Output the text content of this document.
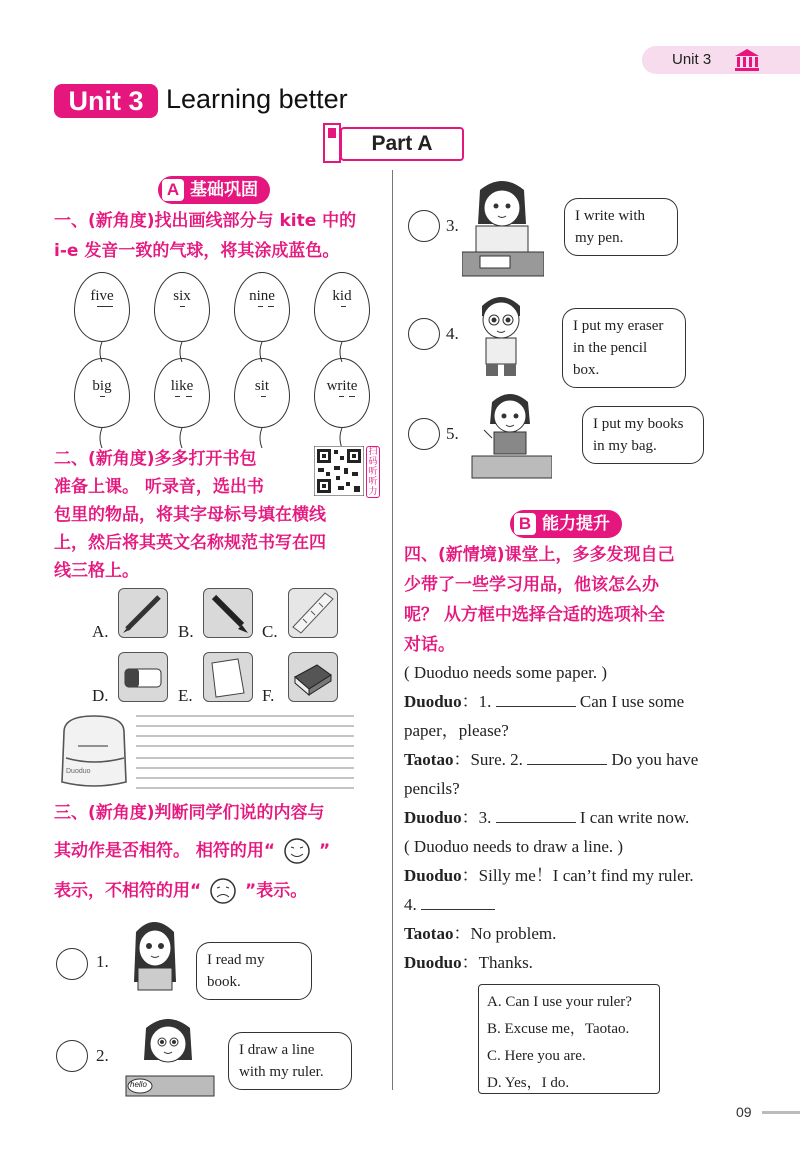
Unit 3
Unit 3 Learning better
Part A
A 基础巩固
一、(新角度)找出画线部分与 kite 中的
i-e 发音一致的气球，将其涂成蓝色。
five	six	nine	kid
big	like	sit	write
二、(新角度)多多打开书包
准备上课。 听录音，选出书
包里的物品，将其字母标号填在横线
上，然后将其英文名称规范书写在四
线三格上。
扫码听听力
A.	B.	C.
D.	E.	F.
Duoduo
三、(新角度)判断同学们说的内容与
其动作是否相符。 相符的用“	”
表示，不相符的用“	”表示。
1.	I read my book.
2.
hello
I draw a line with my ruler.
3.	I write with my pen.
4.	I put my eraser in the pencil box.
5.	I put my books in my bag.
B 能力提升
四、(新情境)课堂上，多多发现自己
少带了一些学习用品，他该怎么办
呢？ 从方框中选择合适的选项补全
对话。
( Duoduo needs some paper. )
Duoduo：1.	Can I use some
paper，please?
Taotao：Sure. 2.	Do you have
pencils?
Duoduo：3.	I can write now.
( Duoduo needs to draw a line. )
Duoduo：Silly me！I can’t find my ruler.
4.
Taotao：No problem.
Duoduo：Thanks.
A. Can I use your ruler?
B. Excuse me，Taotao.
C. Here you are.
D. Yes，I do.
09
